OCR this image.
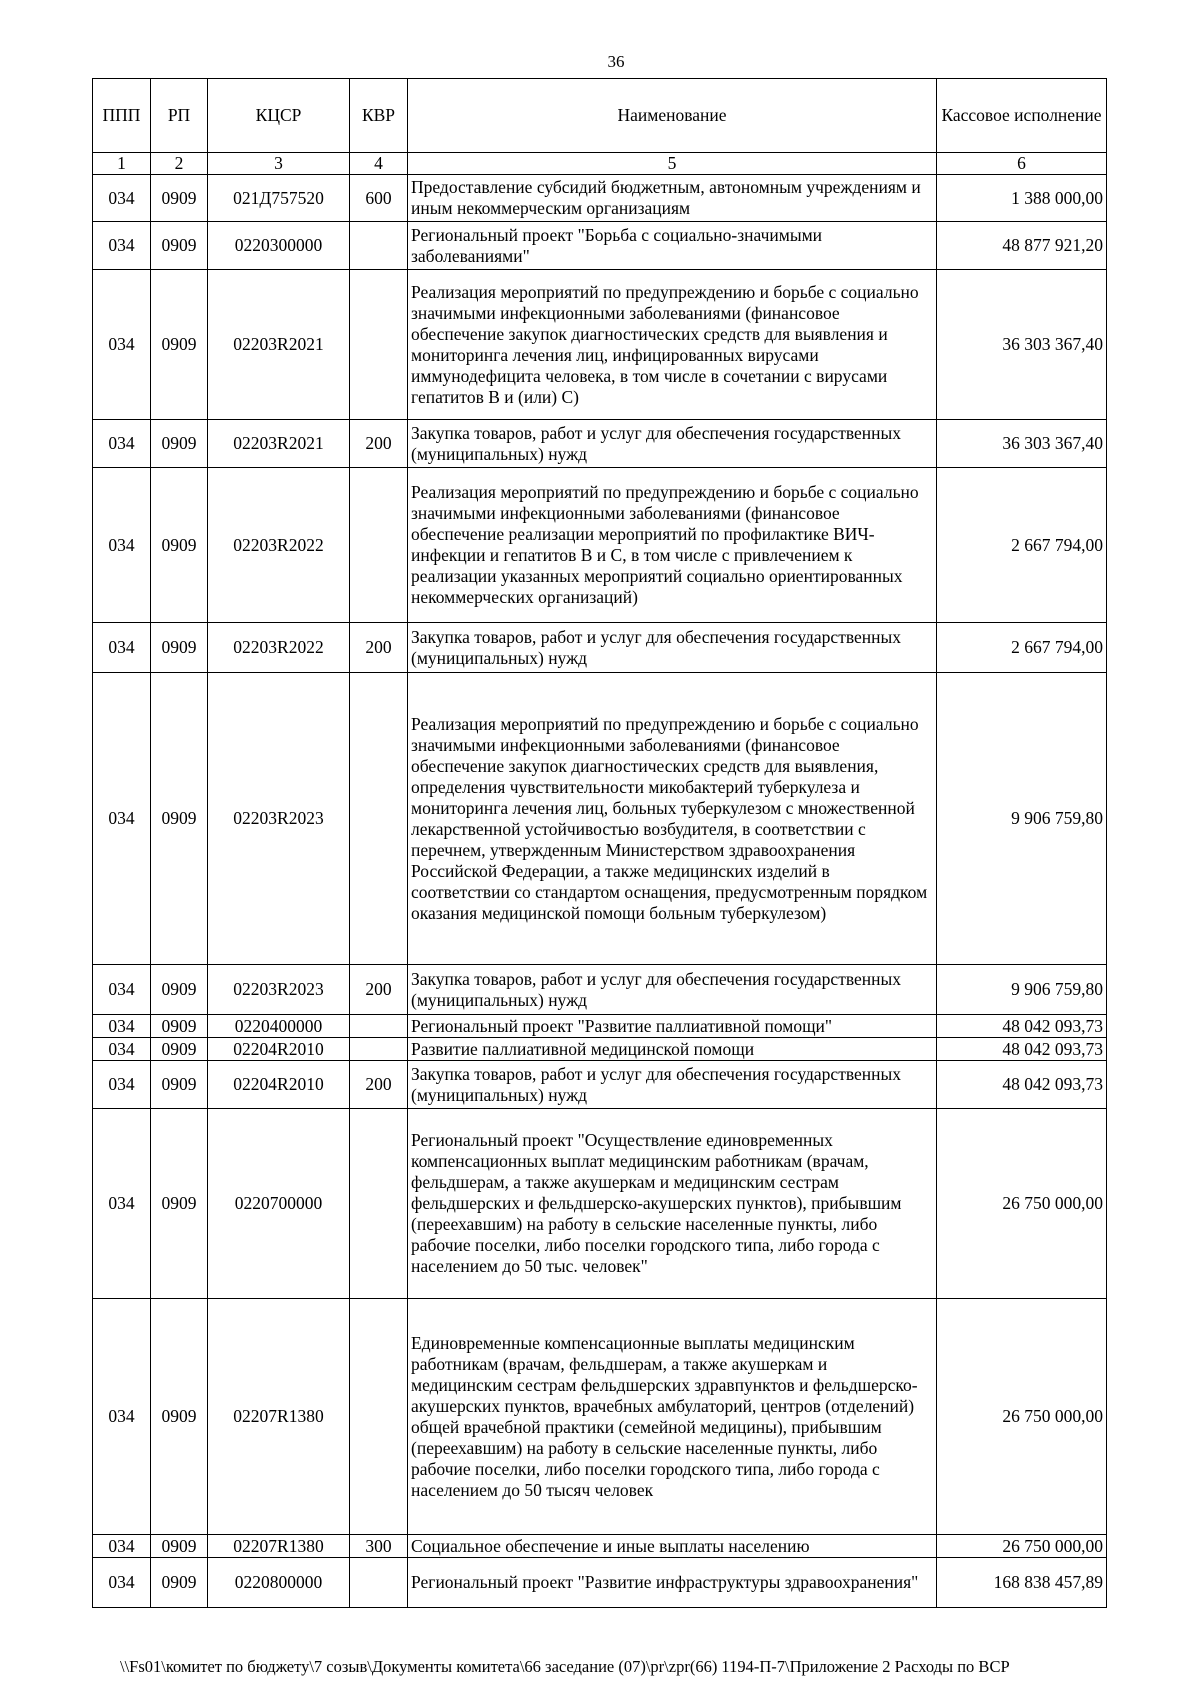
36
ППП	РП	КЦСР	КВР	Наименование	Кассовое исполнение
1	2	3	4	5	6
034	0909	021Д757520	600	Предоставление субсидий бюджетным, автономным учреждениям и иным некоммерческим организациям	1 388 000,00
034	0909	0220300000		Региональный проект "Борьба с социально-значимыми заболеваниями"	48 877 921,20
034	0909	02203R2021		Реализация мероприятий по предупреждению и борьбе с социально значимыми инфекционными заболеваниями (финансовое обеспечение закупок диагностических средств для выявления и мониторинга лечения лиц, инфицированных вирусами иммунодефицита человека, в том числе в сочетании с вирусами гепатитов В и (или) С)	36 303 367,40
034	0909	02203R2021	200	Закупка товаров, работ и услуг для обеспечения государственных (муниципальных) нужд	36 303 367,40
034	0909	02203R2022		Реализация мероприятий по предупреждению и борьбе с социально значимыми инфекционными заболеваниями (финансовое обеспечение реализации мероприятий по профилактике ВИЧ-инфекции и гепатитов В и С, в том числе с привлечением к реализации указанных мероприятий социально ориентированных некоммерческих организаций)	2 667 794,00
034	0909	02203R2022	200	Закупка товаров, работ и услуг для обеспечения государственных (муниципальных) нужд	2 667 794,00
034	0909	02203R2023		Реализация мероприятий по предупреждению и борьбе с социально значимыми инфекционными заболеваниями (финансовое обеспечение закупок диагностических средств для выявления, определения чувствительности микобактерий туберкулеза и мониторинга лечения лиц, больных туберкулезом с множественной лекарственной устойчивостью возбудителя, в соответствии с перечнем, утвержденным Министерством здравоохранения Российской Федерации, а также медицинских изделий в соответствии со стандартом оснащения, предусмотренным порядком оказания медицинской помощи больным туберкулезом)	9 906 759,80
034	0909	02203R2023	200	Закупка товаров, работ и услуг для обеспечения государственных (муниципальных) нужд	9 906 759,80
034	0909	0220400000		Региональный проект "Развитие паллиативной помощи"	48 042 093,73
034	0909	02204R2010		Развитие паллиативной медицинской помощи	48 042 093,73
034	0909	02204R2010	200	Закупка товаров, работ и услуг для обеспечения государственных (муниципальных) нужд	48 042 093,73
034	0909	0220700000		Региональный проект "Осуществление единовременных компенсационных выплат медицинским работникам (врачам, фельдшерам, а также акушеркам и медицинским сестрам фельдшерских и фельдшерско-акушерских пунктов), прибывшим (переехавшим) на работу в сельские населенные пункты, либо рабочие поселки, либо поселки городского типа, либо города с населением до 50 тыс. человек"	26 750 000,00
034	0909	02207R1380		Единовременные компенсационные выплаты медицинским работникам (врачам, фельдшерам, а также акушеркам и медицинским сестрам фельдшерских здравпунктов и фельдшерско-акушерских пунктов, врачебных амбулаторий, центров (отделений) общей врачебной практики (семейной медицины), прибывшим (переехавшим) на работу в сельские населенные пункты, либо рабочие поселки, либо поселки городского типа, либо города с населением до 50 тысяч человек	26 750 000,00
034	0909	02207R1380	300	Социальное обеспечение и иные выплаты населению	26 750 000,00
034	0909	0220800000		Региональный проект "Развитие инфраструктуры здравоохранения"	168 838 457,89
\\Fs01\комитет по бюджету\7 созыв\Документы комитета\66 заседание (07)\pr\zpr(66) 1194-П-7\Приложение 2 Расходы по ВСР
